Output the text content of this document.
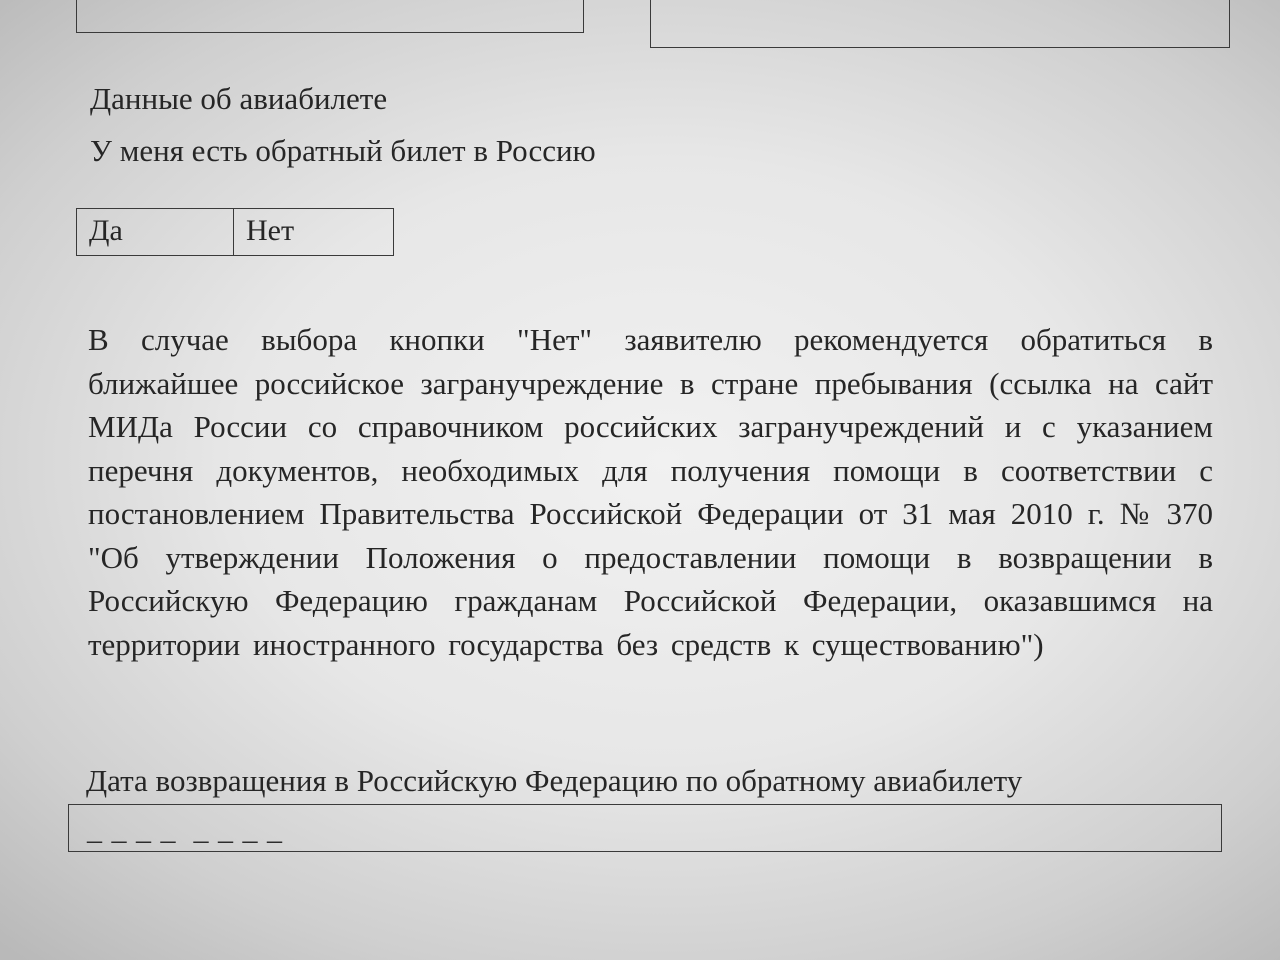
Данные об авиабилете
У меня есть обратный билет в Россию
Да	Нет
В случае выбора кнопки "Нет" заявителю рекомендуется обратиться в ближайшее российское загранучреждение в стране пребывания (ссылка на сайт МИДа России со справочником российских загранучреждений и с указанием перечня документов, необходимых для получения помощи в соответствии с постановлением Правительства Российской Федерации от 31 мая 2010 г. № 370 "Об утверждении Положения о предоставлении помощи в возвращении в Российскую Федерацию гражданам Российской Федерации, оказавшимся на территории иностранного государства без средств к существованию")
Дата возвращения в Российскую Федерацию по обратному авиабилету
_ _ _ _  _ _ _ _
